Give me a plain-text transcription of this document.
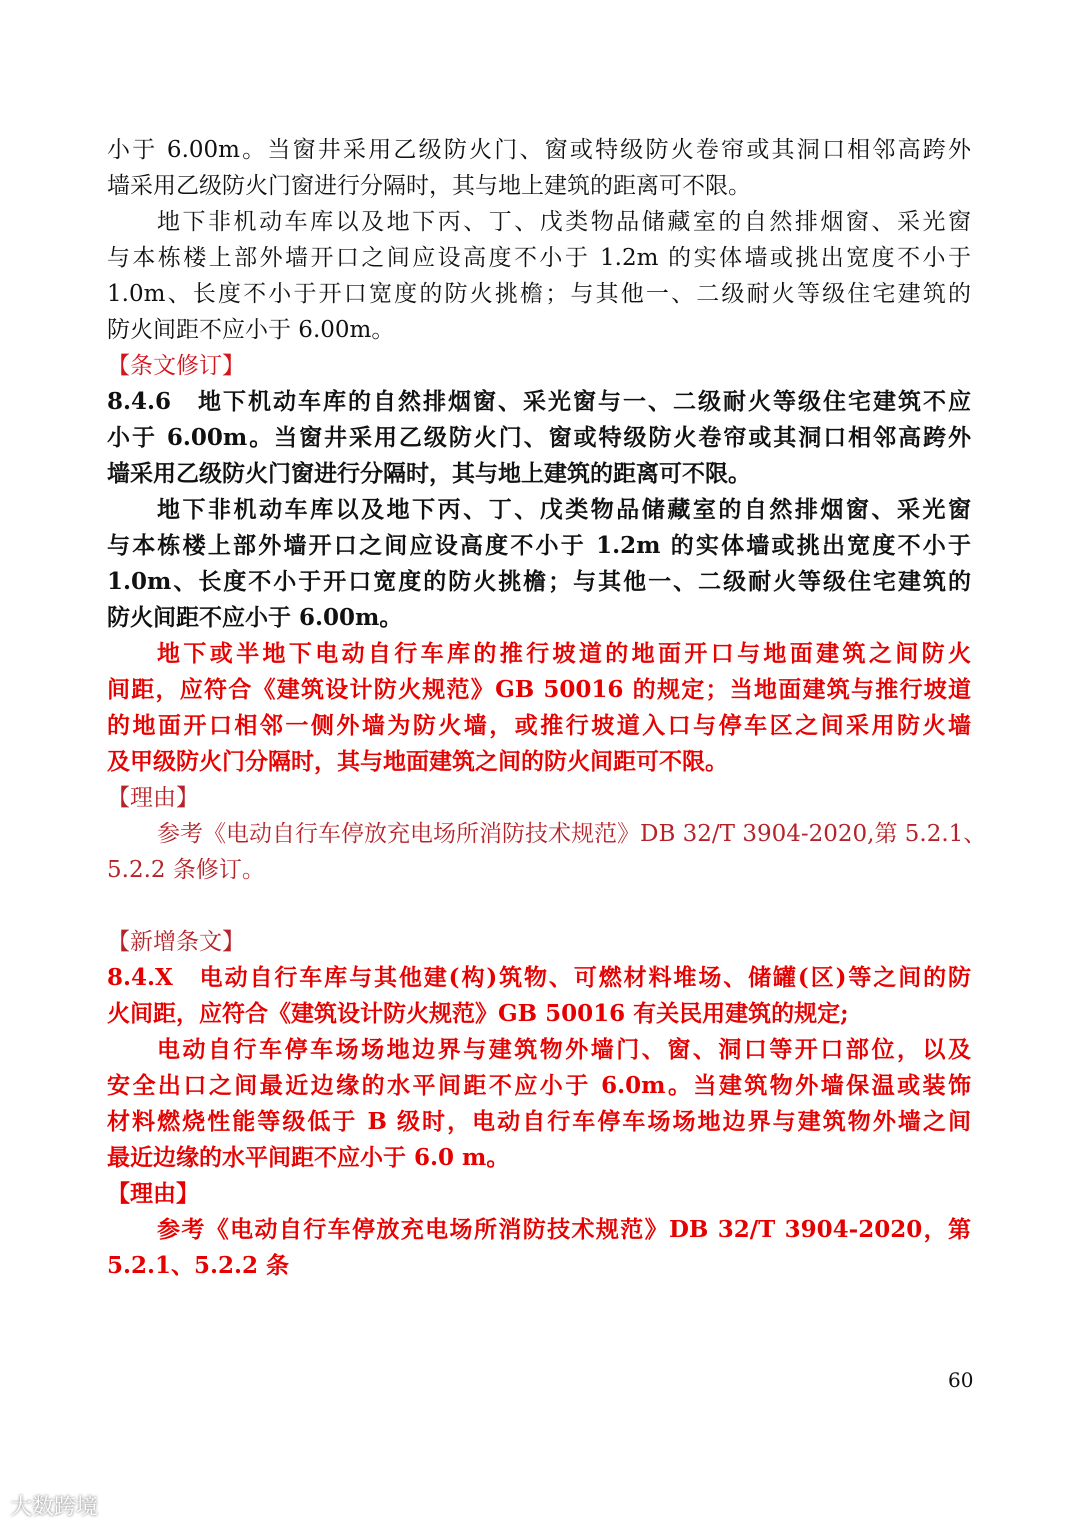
小于 6.00m。当窗井采用乙级防火门、窗或特级防火卷帘或其洞口相邻高跨外
墙采用乙级防火门窗进行分隔时，其与地上建筑的距离可不限。
地下非机动车库以及地下丙、丁、戊类物品储藏室的自然排烟窗、采光窗
与本栋楼上部外墙开口之间应设高度不小于 1.2m 的实体墙或挑出宽度不小于
1.0m、长度不小于开口宽度的防火挑檐；与其他一、二级耐火等级住宅建筑的
防火间距不应小于 6.00m。
【条文修订】
8.4.6　地下机动车库的自然排烟窗、采光窗与一、二级耐火等级住宅建筑不应
小于 6.00m。当窗井采用乙级防火门、窗或特级防火卷帘或其洞口相邻高跨外
墙采用乙级防火门窗进行分隔时，其与地上建筑的距离可不限。
地下非机动车库以及地下丙、丁、戊类物品储藏室的自然排烟窗、采光窗
与本栋楼上部外墙开口之间应设高度不小于 1.2m 的实体墙或挑出宽度不小于
1.0m、长度不小于开口宽度的防火挑檐；与其他一、二级耐火等级住宅建筑的
防火间距不应小于 6.00m。
地下或半地下电动自行车库的推行坡道的地面开口与地面建筑之间防火
间距，应符合《建筑设计防火规范》GB 50016 的规定；当地面建筑与推行坡道
的地面开口相邻一侧外墙为防火墙，或推行坡道入口与停车区之间采用防火墙
及甲级防火门分隔时，其与地面建筑之间的防火间距可不限。
【理由】
参考《电动自行车停放充电场所消防技术规范》DB 32/T 3904-2020,第 5.2.1、
5.2.2 条修订。
【新增条文】
8.4.X　电动自行车库与其他建(构)筑物、可燃材料堆场、储罐(区)等之间的防
火间距，应符合《建筑设计防火规范》GB 50016 有关民用建筑的规定;
电动自行车停车场场地边界与建筑物外墙门、窗、洞口等开口部位，以及
安全出口之间最近边缘的水平间距不应小于 6.0m。当建筑物外墙保温或装饰
材料燃烧性能等级低于 B 级时，电动自行车停车场场地边界与建筑物外墙之间
最近边缘的水平间距不应小于 6.0 m。
【理由】
参考《电动自行车停放充电场所消防技术规范》DB 32/T 3904-2020，第
5.2.1、5.2.2 条
60
大数跨境
